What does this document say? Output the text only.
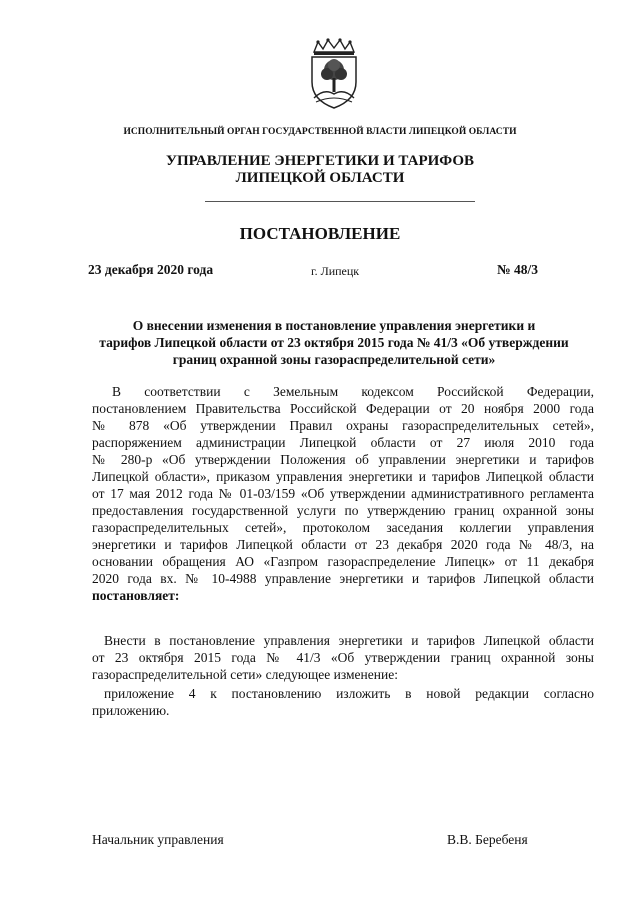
ИСПОЛНИТЕЛЬНЫЙ ОРГАН ГОСУДАРСТВЕННОЙ ВЛАСТИ ЛИПЕЦКОЙ ОБЛАСТИ
УПРАВЛЕНИЕ ЭНЕРГЕТИКИ И ТАРИФОВ
ЛИПЕЦКОЙ ОБЛАСТИ
ПОСТАНОВЛЕНИЕ
23 декабря 2020 года	г. Липецк	№ 48/3
О внесении изменения в постановление управления энергетики и
тарифов Липецкой области от 23 октября 2015 года № 41/3 «Об утверждении
границ охранной зоны газораспределительной сети»
В соответствии с Земельным кодексом Российской Федерации,
постановлением Правительства Российской Федерации от 20 ноября 2000 года
№ 878 «Об утверждении Правил охраны газораспределительных сетей»,
распоряжением администрации Липецкой области от 27 июля 2010 года
№ 280-р «Об утверждении Положения об управлении энергетики и тарифов
Липецкой области», приказом управления энергетики и тарифов Липецкой области
от 17 мая 2012 года № 01-03/159 «Об утверждении административного регламента
предоставления государственной услуги по утверждению границ охранной зоны
газораспределительных сетей», протоколом заседания коллегии управления
энергетики и тарифов Липецкой области от 23 декабря 2020 года № 48/3, на
основании обращения АО «Газпром газораспределение Липецк» от 11 декабря
2020 года вх. № 10-4988 управление энергетики и тарифов Липецкой области
постановляет:
Внести в постановление управления энергетики и тарифов Липецкой области
от 23 октября 2015 года № 41/3 «Об утверждении границ охранной зоны
газораспределительной сети» следующее изменение:
приложение 4 к постановлению изложить в новой редакции согласно
приложению.
Начальник управления	В.В. Беребеня
